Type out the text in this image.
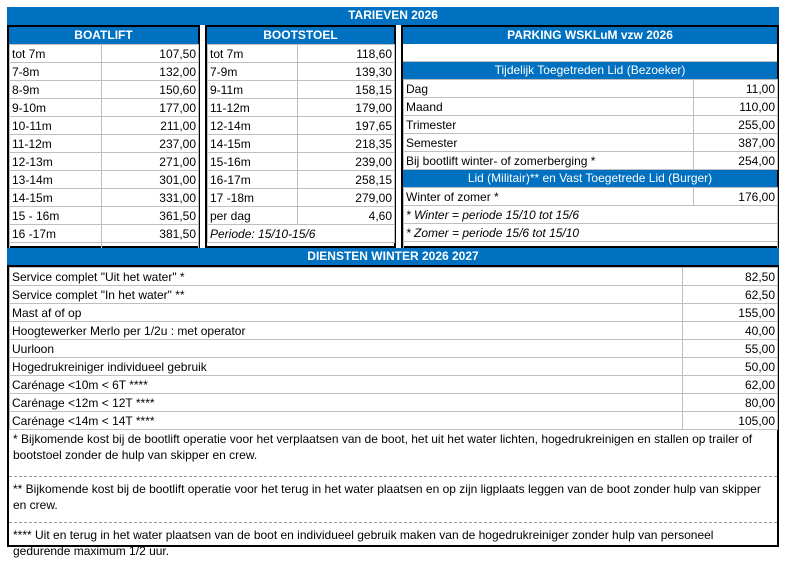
TARIEVEN 2026
BOATLIFT
tot 7m	107,50
7-8m	132,00
8-9m	150,60
9-10m	177,00
10-11m	211,00
11-12m	237,00
12-13m	271,00
13-14m	301,00
14-15m	331,00
15 - 16m	361,50
16 -17m	381,50

BOOTSTOEL
tot 7m	118,60
7-9m	139,30
9-11m	158,15
11-12m	179,00
12-14m	197,65
14-15m	218,35
15-16m	239,00
16-17m	258,15
17 -18m	279,00
per dag	4,60
Periode: 15/10-15/6	
PARKING WSKLuM vzw 2026
Tijdelijk Toegetreden Lid (Bezoeker)
Dag	11,00
Maand	110,00
Trimester	255,00
Semester	387,00
Bij bootlift winter- of zomerberging *	254,00
Lid (Militair)** en Vast Toegetrede Lid (Burger)
Winter of zomer *	176,00
* Winter = periode 15/10 tot 15/6
* Zomer = periode 15/6 tot 15/10

DIENSTEN WINTER 2026 2027
Service complet "Uit het water" *	82,50
Service complet "In het water" **	62,50
Mast af of op	155,00
Hoogtewerker Merlo per 1/2u : met operator	40,00
Uurloon	55,00
Hogedrukreiniger individueel gebruik	50,00
Carénage <10m < 6T ****	62,00
Carénage <12m < 12T ****	80,00
Carénage <14m < 14T ****	105,00
* Bijkomende kost bij de bootlift operatie voor het verplaatsen van de boot, het uit het water lichten, hogedrukreinigen en stallen op trailer of bootstoel zonder de hulp van skipper en crew.
** Bijkomende kost bij de bootlift operatie voor het terug in het water plaatsen en op zijn ligplaats leggen van de boot zonder hulp van skipper en crew.
**** Uit en terug in het water plaatsen van de boot en individueel gebruik maken van de hogedrukreiniger zonder hulp van personeel gedurende maximum 1/2 uur.
